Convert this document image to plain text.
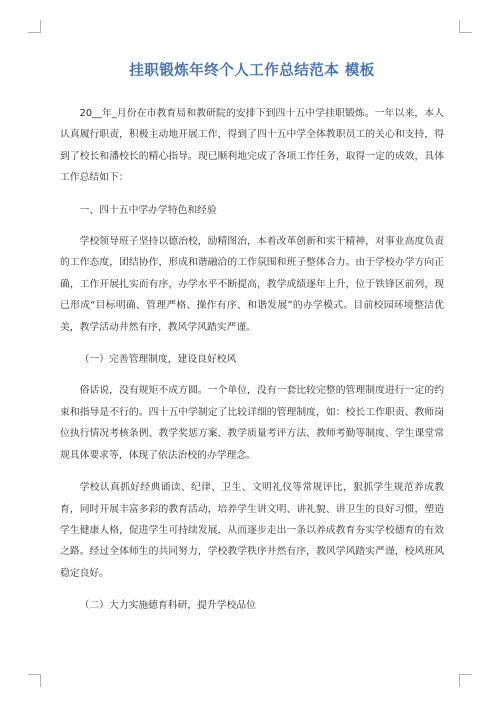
挂职锻炼年终个人工作总结范本 模板

20__年_月份在市教育局和教研院的安排下到四十五中学挂职锻炼。一年以来，本人认真履行职责，积极主动地开展工作，得到了四十五中学全体教职员工的关心和支持，得到了校长和潘校长的精心指导。现已顺利地完成了各项工作任务，取得一定的成效，具体工作总结如下：

一、四十五中学办学特色和经验

学校领导班子坚持以德治校，励精图治，本着改革创新和实干精神，对事业高度负责的工作态度，团结协作，形成和谐融洽的工作氛围和班子整体合力。由于学校办学方向正确，工作开展扎实而有序，办学水平不断提高，教学成绩逐年上升，位于铁锋区前列，现已形成“目标明确、管理严格、操作有序、和谐发展”的办学模式。目前校园环境整洁优美，教学活动井然有序，教风学风踏实严谨。

（一）完善管理制度，建设良好校风

俗话说，没有规矩不成方圆。一个单位，没有一套比较完整的管理制度进行一定的约束和指导是不行的。四十五中学制定了比较详细的管理制度，如：校长工作职责、教师岗位执行情况考核条例、教学奖惩方案、教学质量考评方法、教师考勤等制度、学生课堂常规具体要求等，体现了依法治校的办学理念。

学校认真抓好经典诵读、纪律、卫生、文明礼仪等常规评比，狠抓学生规范养成教育，同时开展丰富多彩的教育活动，培养学生讲文明、讲礼貌、讲卫生的良好习惯，塑造学生健康人格，促进学生可持续发展，从而逐步走出一条以养成教育夯实学校德育的有效之路。经过全体师生的共同努力，学校教学秩序井然有序，教风学风踏实严谨，校风班风稳定良好。

（二）大力实施德育科研，提升学校品位
